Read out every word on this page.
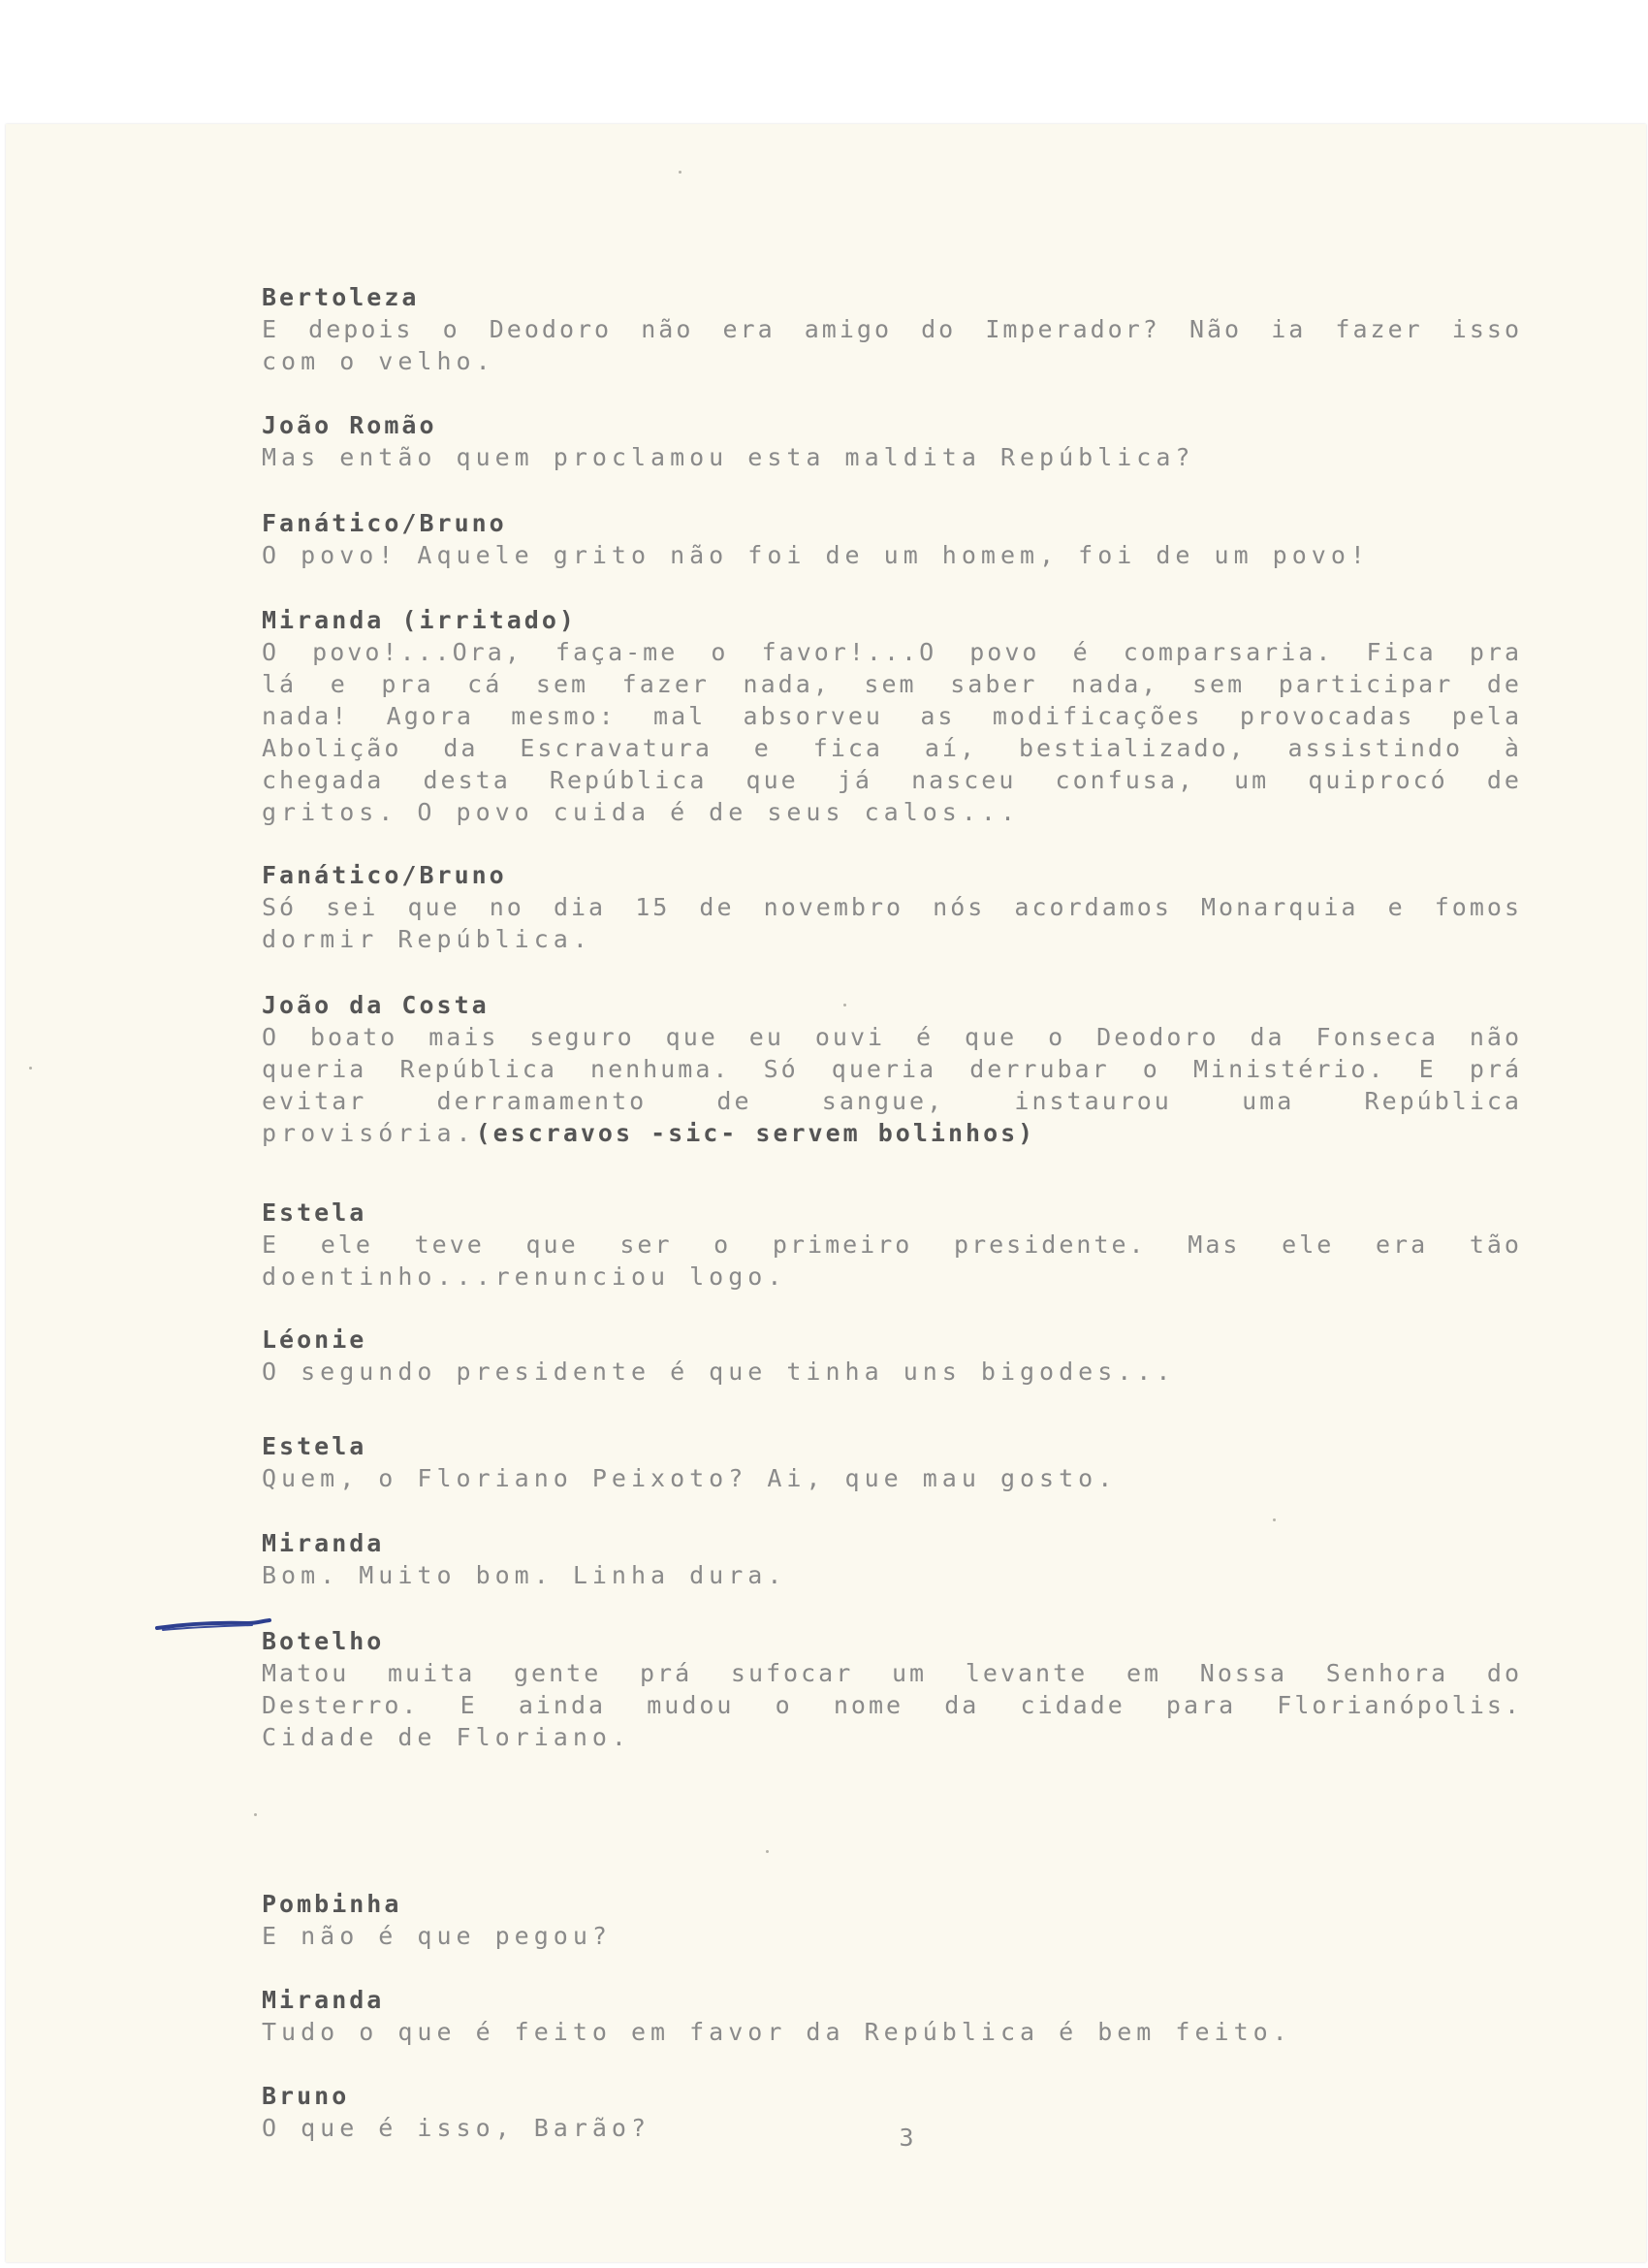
Bertoleza
E depois o Deodoro não era amigo do Imperador? Não ia fazer isso
com o velho.
João Romão
Mas então quem proclamou esta maldita República?
Fanático/Bruno
O povo! Aquele grito não foi de um homem, foi de um povo!
Miranda (irritado)
O povo!...Ora, faça-me o favor!...O povo é comparsaria. Fica pra
lá e pra cá sem fazer nada, sem saber nada, sem participar de
nada! Agora mesmo: mal absorveu as modificações provocadas pela
Abolição da Escravatura e fica aí, bestializado, assistindo à
chegada desta República que já nasceu confusa, um quiprocó de
gritos. O povo cuida é de seus calos...
Fanático/Bruno
Só sei que no dia 15 de novembro nós acordamos Monarquia e fomos
dormir República.
João da Costa
O boato mais seguro que eu ouvi é que o Deodoro da Fonseca não
queria República nenhuma. Só queria derrubar o Ministério. E prá
evitar derramamento de sangue, instaurou uma República
provisória.(escravos -sic- servem bolinhos)
Estela
E ele teve que ser o primeiro presidente. Mas ele era tão
doentinho...renunciou logo.
Léonie
O segundo presidente é que tinha uns bigodes...
Estela
Quem, o Floriano Peixoto? Ai, que mau gosto.
Miranda
Bom. Muito bom. Linha dura.
Botelho
Matou muita gente prá sufocar um levante em Nossa Senhora do
Desterro. E ainda mudou o nome da cidade para Florianópolis.
Cidade de Floriano.
Pombinha
E não é que pegou?
Miranda
Tudo o que é feito em favor da República é bem feito.
Bruno
O que é isso, Barão?	3
